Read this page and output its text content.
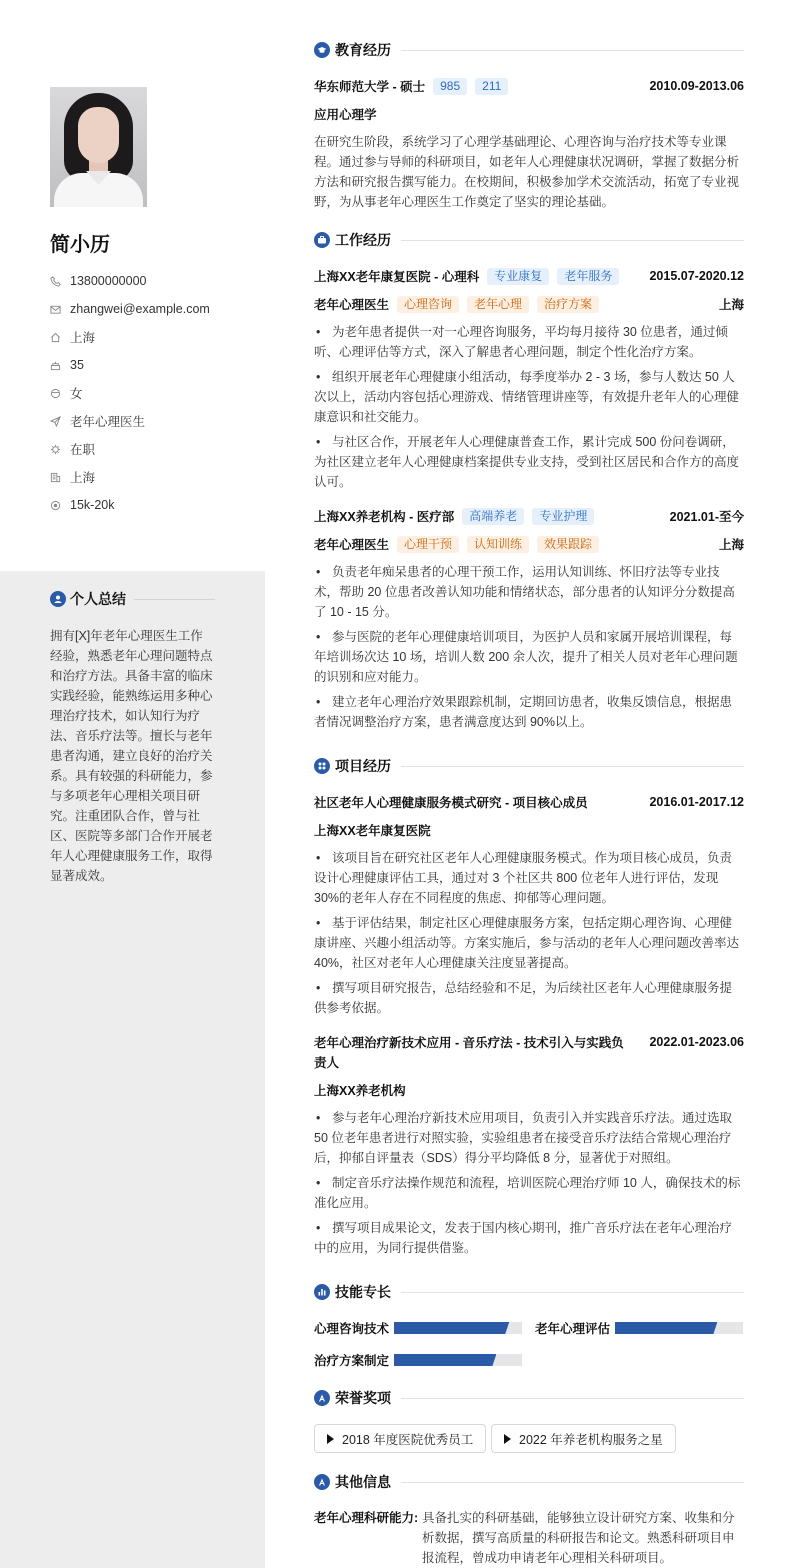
简小历
13800000000
zhangwei@example.com
上海
35
女
老年心理医生
在职
上海
15k-20k
个人总结
拥有[X]年老年心理医生工作经验，熟悉老年心理问题特点和治疗方法。具备丰富的临床实践经验，能熟练运用多种心理治疗技术，如认知行为疗法、音乐疗法等。擅长与老年患者沟通，建立良好的治疗关系。具有较强的科研能力，参与多项老年心理相关项目研究。注重团队合作，曾与社区、医院等多部门合作开展老年人心理健康服务工作，取得显著成效。
教育经历
华东师范大学 - 硕士	985	211	2010.09-2013.06
应用心理学
在研究生阶段，系统学习了心理学基础理论、心理咨询与治疗技术等专业课程。通过参与导师的科研项目，如老年人心理健康状况调研，掌握了数据分析方法和研究报告撰写能力。在校期间，积极参加学术交流活动，拓宽了专业视野，为从事老年心理医生工作奠定了坚实的理论基础。
工作经历
上海XX老年康复医院 - 心理科	专业康复	老年服务	2015.07-2020.12
老年心理医生	心理咨询	老年心理	治疗方案	上海
• 为老年患者提供一对一心理咨询服务，平均每月接待 30 位患者，通过倾听、心理评估等方式，深入了解患者心理问题，制定个性化治疗方案。
• 组织开展老年心理健康小组活动，每季度举办 2 - 3 场，参与人数达 50 人次以上，活动内容包括心理游戏、情绪管理讲座等，有效提升老年人的心理健康意识和社交能力。
• 与社区合作，开展老年人心理健康普查工作，累计完成 500 份问卷调研，为社区建立老年人心理健康档案提供专业支持，受到社区居民和合作方的高度认可。
上海XX养老机构 - 医疗部	高端养老	专业护理	2021.01-至今
老年心理医生	心理干预	认知训练	效果跟踪	上海
• 负责老年痴呆患者的心理干预工作，运用认知训练、怀旧疗法等专业技术，帮助 20 位患者改善认知功能和情绪状态，部分患者的认知评分分数提高了 10 - 15 分。
• 参与医院的老年心理健康培训项目，为医护人员和家属开展培训课程，每年培训场次达 10 场，培训人数 200 余人次，提升了相关人员对老年心理问题的识别和应对能力。
• 建立老年心理治疗效果跟踪机制，定期回访患者，收集反馈信息，根据患者情况调整治疗方案，患者满意度达到 90%以上。
项目经历
社区老年人心理健康服务模式研究 - 项目核心成员	2016.01-2017.12
上海XX老年康复医院
• 该项目旨在研究社区老年人心理健康服务模式。作为项目核心成员，负责设计心理健康评估工具，通过对 3 个社区共 800 位老年人进行评估，发现 30%的老年人存在不同程度的焦虑、抑郁等心理问题。
• 基于评估结果，制定社区心理健康服务方案，包括定期心理咨询、心理健康讲座、兴趣小组活动等。方案实施后，参与活动的老年人心理问题改善率达 40%，社区对老年人心理健康关注度显著提高。
• 撰写项目研究报告，总结经验和不足，为后续社区老年人心理健康服务提供参考依据。
老年心理治疗新技术应用 - 音乐疗法 - 技术引入与实践负 2022.01-2023.06
责人
上海XX养老机构
• 参与老年心理治疗新技术应用项目，负责引入并实践音乐疗法。通过选取 50 位老年患者进行对照实验，实验组患者在接受音乐疗法结合常规心理治疗后，抑郁自评量表（SDS）得分平均降低 8 分，显著优于对照组。
• 制定音乐疗法操作规范和流程，培训医院心理治疗师 10 人，确保技术的标准化应用。
• 撰写项目成果论文，发表于国内核心期刊，推广音乐疗法在老年心理治疗中的应用，为同行提供借鉴。
技能专长
心理咨询技术	老年心理评估
治疗方案制定
荣誉奖项
2018 年度医院优秀员工	2022 年养老机构服务之星
其他信息
老年心理科研能力: 具备扎实的科研基础，能够独立设计研究方案、收集和分析数据，撰写高质量的科研报告和论文。熟悉科研项目申报流程，曾成功申请老年心理相关科研项目。
